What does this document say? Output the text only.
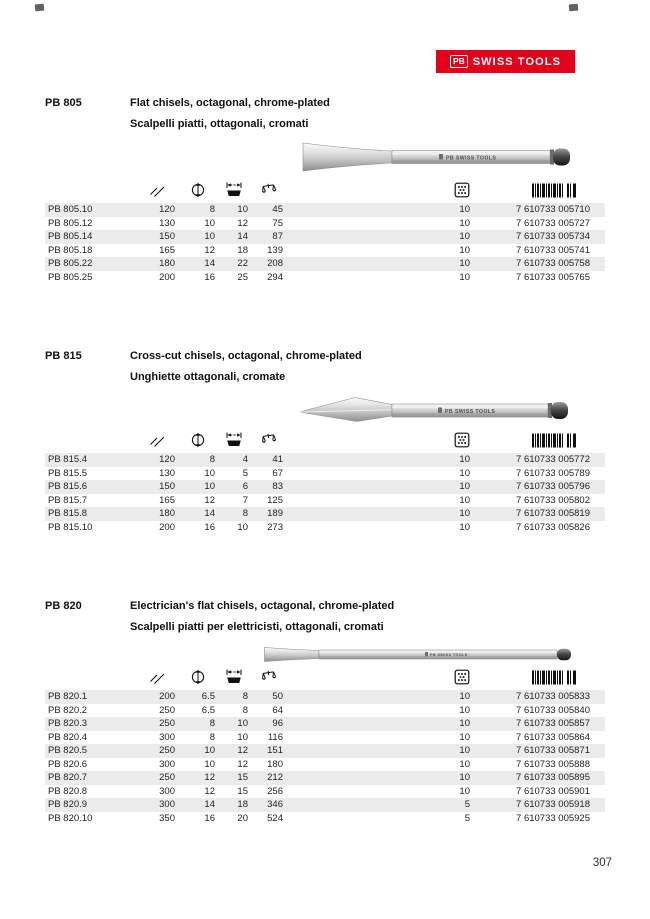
PB SWISS TOOLS
PB 805	Flat chisels, octagonal, chrome-plated
Scalpelli piatti, ottagonali, cromati
PB SWISS TOOLS
PB 805.10	120	8	10	45	10	7 610733 005710
PB 805.12	130	10	12	75	10	7 610733 005727
PB 805.14	150	10	14	87	10	7 610733 005734
PB 805.18	165	12	18	139	10	7 610733 005741
PB 805.22	180	14	22	208	10	7 610733 005758
PB 805.25	200	16	25	294	10	7 610733 005765
PB 815	Cross-cut chisels, octagonal, chrome-plated
Unghiette ottagonali, cromate
PB SWISS TOOLS
PB 815.4	120	8	4	41	10	7 610733 005772
PB 815.5	130	10	5	67	10	7 610733 005789
PB 815.6	150	10	6	83	10	7 610733 005796
PB 815.7	165	12	7	125	10	7 610733 005802
PB 815.8	180	14	8	189	10	7 610733 005819
PB 815.10	200	16	10	273	10	7 610733 005826
PB 820	Electrician's flat chisels, octagonal, chrome-plated
Scalpelli piatti per elettricisti, ottagonali, cromati
PB SWISS TOOLS
PB 820.1	200	6.5	8	50	10	7 610733 005833
PB 820.2	250	6.5	8	64	10	7 610733 005840
PB 820.3	250	8	10	96	10	7 610733 005857
PB 820.4	300	8	10	116	10	7 610733 005864
PB 820.5	250	10	12	151	10	7 610733 005871
PB 820.6	300	10	12	180	10	7 610733 005888
PB 820.7	250	12	15	212	10	7 610733 005895
PB 820.8	300	12	15	256	10	7 610733 005901
PB 820.9	300	14	18	346	5	7 610733 005918
PB 820.10	350	16	20	524	5	7 610733 005925
307
